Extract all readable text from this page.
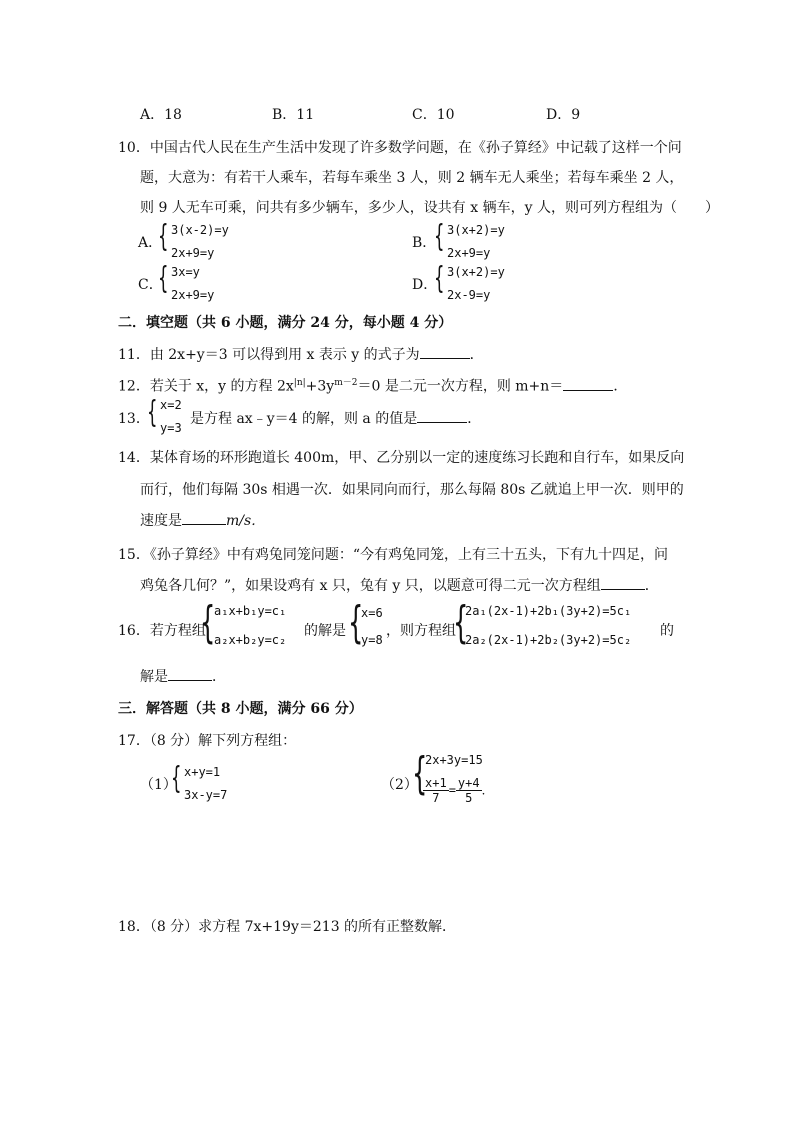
A．18	B．11	C．10	D．9
10．中国古代人民在生产生活中发现了许多数学问题，在《孙子算经》中记载了这样一个问
题，大意为：有若干人乘车，若每车乘坐 3 人，则 2 辆车无人乘坐；若每车乘坐 2 人，
则 9 人无车可乘，问共有多少辆车，多少人，设共有 x 辆车，y 人，则可列方程组为（　　）
A．
{ 3(x-2)=y
2x+9=y
B．
{ 3(x+2)=y
2x+9=y
C．
{ 3x=y
2x+9=y
D．
{ 3(x+2)=y
2x-9=y
二．填空题（共 6 小题，满分 24 分，每小题 4 分）
11．由 2x+y＝3 可以得到用 x 表示 y 的式子为	．
12．若关于 x，y 的方程 $2x^{|n|}+3y^{m-2}=0$ 是二元一次方程，则 m+n＝	．
13．
{ x=2
y=3
是方程 ax﹣y＝4 的解，则 a 的值是	．
14．某体育场的环形跑道长 400m，甲、乙分别以一定的速度练习长跑和自行车，如果反向
而行，他们每隔 30s 相遇一次．如果同向而行，那么每隔 80s 乙就追上甲一次．则甲的
速度是	m/s．
15．《孙子算经》中有鸡兔同笼问题：“今有鸡兔同笼，上有三十五头，下有九十四足，问
鸡兔各几何？”，如果设鸡有 x 只，兔有 y 只，以题意可得二元一次方程组	．
16．若方程组
{
a₁x+b₁y=c₁
a₂x+b₂y=c₂
的解是 {
x=6
y=8
，则方程组
{
2a₁(2x-1)+2b₁(3y+2)=5c₁
2a₂(2x-1)+2b₂(3y+2)=5c₂
的
解是	．
三．解答题（共 8 小题，满分 66 分）
17．（8 分）解下列方程组：
（1）
{ x+y=1
3x-y=7
（2）
{
2x+3y=15
$\frac{x+1}{7} = \frac{y+4}{5}$ ．
18．（8 分）求方程 7x+19y＝213 的所有正整数解．
